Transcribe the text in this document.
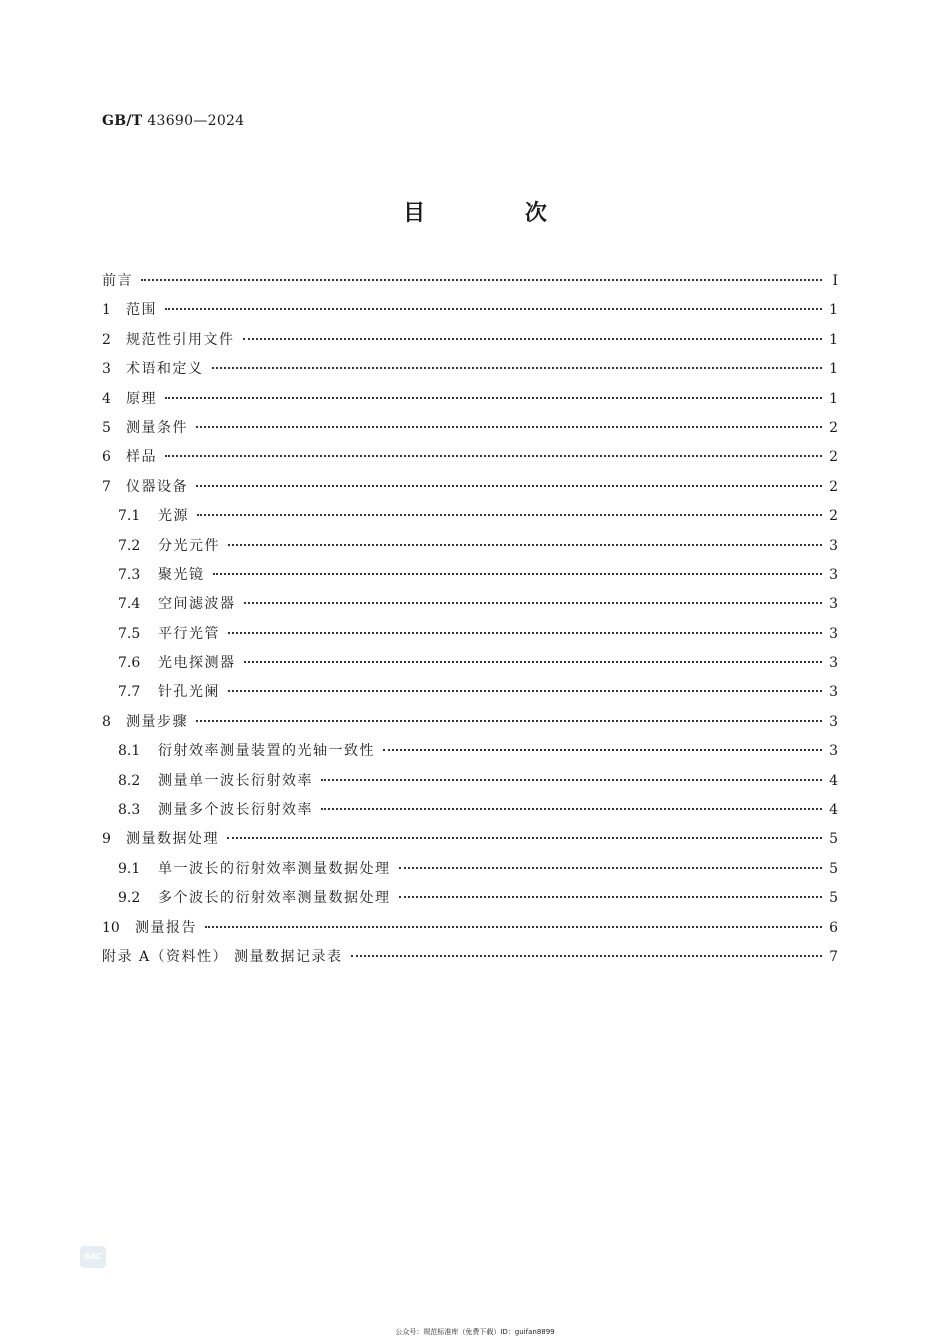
GB/T 43690—2024
目 次
前言	I
1	范围	1
2	规范性引用文件	1
3	术语和定义	1
4	原理	1
5	测量条件	2
6	样品	2
7	仪器设备	2
7.1	光源	2
7.2	分光元件	3
7.3	聚光镜	3
7.4	空间滤波器	3
7.5	平行光管	3
7.6	光电探测器	3
7.7	针孔光阑	3
8	测量步骤	3
8.1	衍射效率测量装置的光轴一致性	3
8.2	测量单一波长衍射效率	4
8.3	测量多个波长衍射效率	4
9	测量数据处理	5
9.1	单一波长的衍射效率测量数据处理	5
9.2	多个波长的衍射效率测量数据处理	5
10	测量报告	6
附录 A（资料性） 测量数据记录表	7
SAC
公众号：规范标准库（免费下载）ID：guifan8899
